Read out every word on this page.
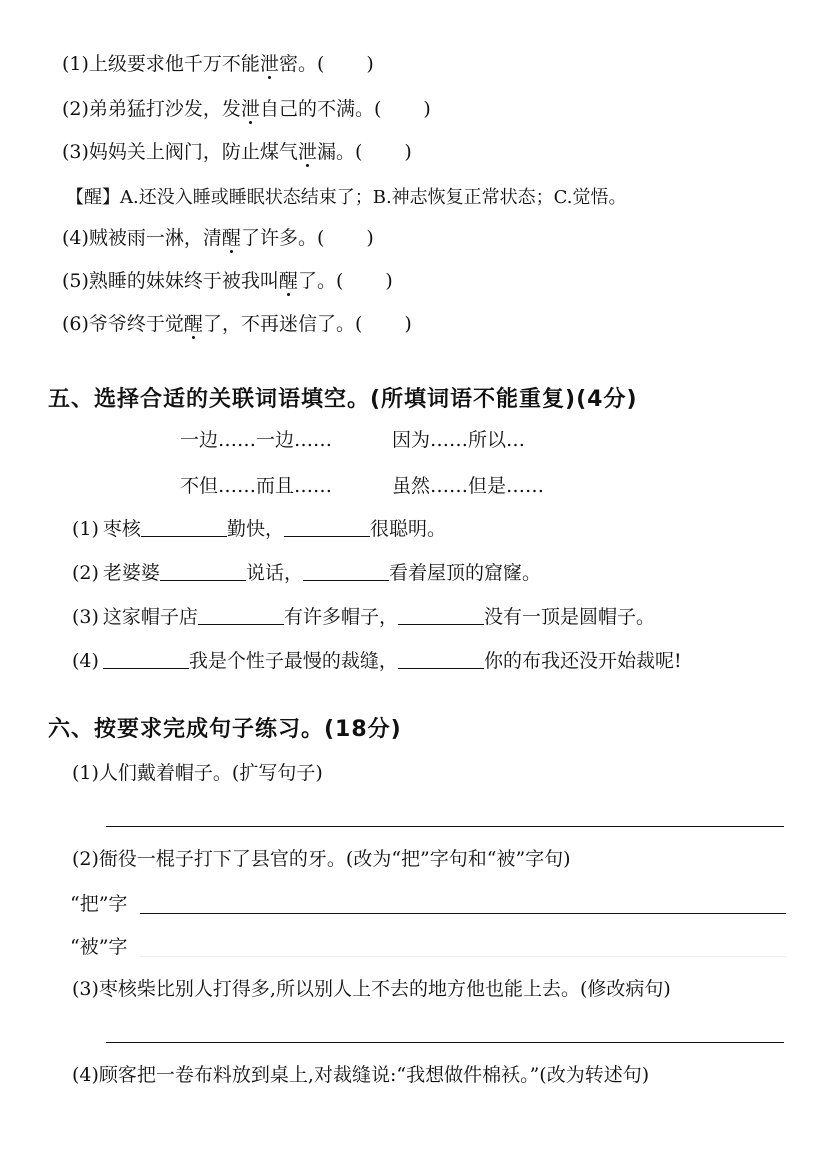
(1)上级要求他千万不能泄密。( )
(2)弟弟猛打沙发，发泄自己的不满。( )
(3)妈妈关上阀门，防止煤气泄漏。( )
【醒】A.还没入睡或睡眠状态结束了；B.神志恢复正常状态；C.觉悟。
(4)贼被雨一淋，清醒了许多。( )
(5)熟睡的妹妹终于被我叫醒了。( )
(6)爷爷终于觉醒了，不再迷信了。( )
五、选择合适的关联词语填空。(所填词语不能重复)(4分)
一边……一边……	因为……所以…
不但……而且……	虽然……但是……
(1) 枣核	勤快，	很聪明。
(2) 老婆婆	说话，	看着屋顶的窟窿。
(3) 这家帽子店	有许多帽子，	没有一顶是圆帽子。
(4)	我是个性子最慢的裁缝，	你的布我还没开始裁呢!
六、按要求完成句子练习。(18分)
(1)人们戴着帽子。(扩写句子)
(2)衙役一棍子打下了县官的牙。(改为“把”字句和“被”字句)
“把”字
“被”字
(3)枣核柴比别人打得多,所以别人上不去的地方他也能上去。(修改病句)
(4)顾客把一卷布料放到桌上,对裁缝说:“我想做件棉袄。”(改为转述句)
